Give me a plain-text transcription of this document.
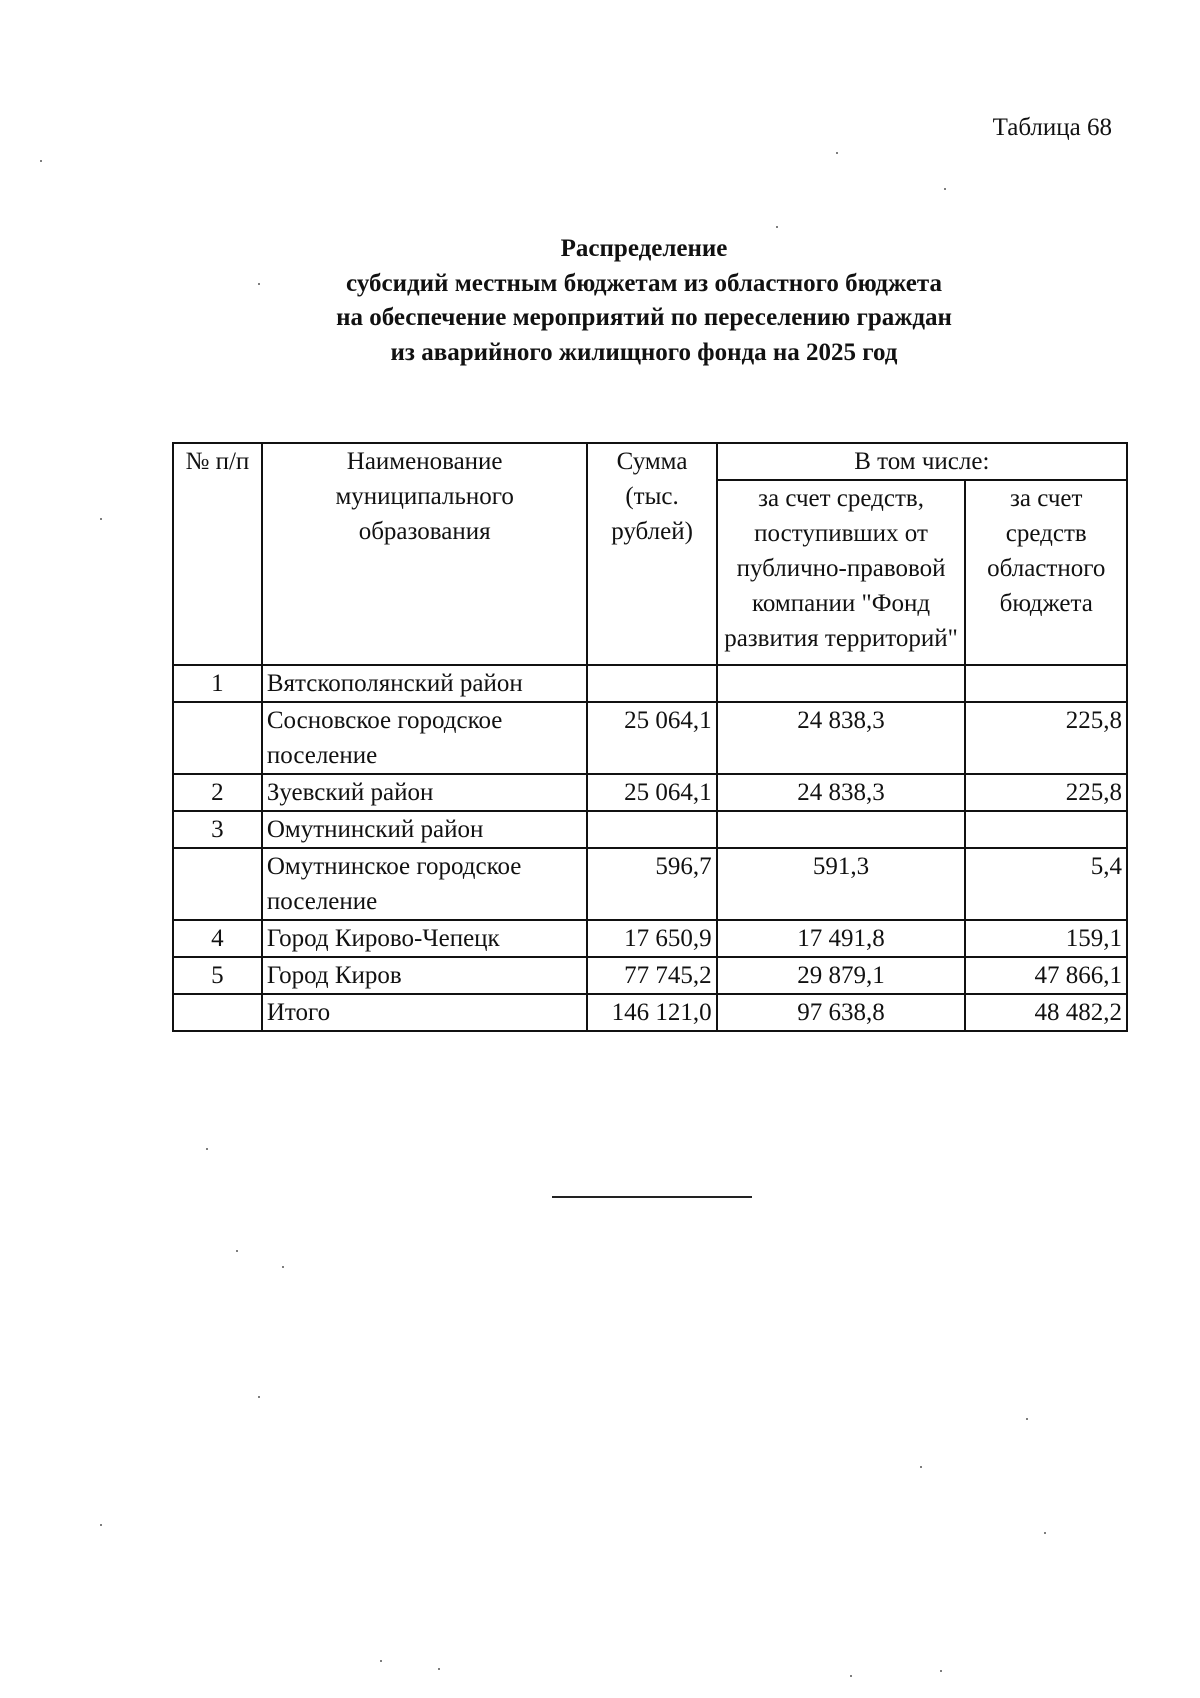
Таблица 68
Распределение
субсидий местным бюджетам из областного бюджета
на обеспечение мероприятий по переселению граждан
из аварийного жилищного фонда на 2025 год
№ п/п	Наименование муниципального образования	Сумма (тыс. рублей)	В том числе:	
			за счет средств, поступивших от публично-правовой компании "Фонд развития территорий"	за счет средств областного бюджета
1	Вятскополянский район			
	Сосновское городское поселение	25 064,1	24 838,3	225,8
2	Зуевский район	25 064,1	24 838,3	225,8
3	Омутнинский район			
	Омутнинское городское поселение	596,7	591,3	5,4
4	Город Кирово-Чепецк	17 650,9	17 491,8	159,1
5	Город Киров	77 745,2	29 879,1	47 866,1
	Итого	146 121,0	97 638,8	48 482,2
